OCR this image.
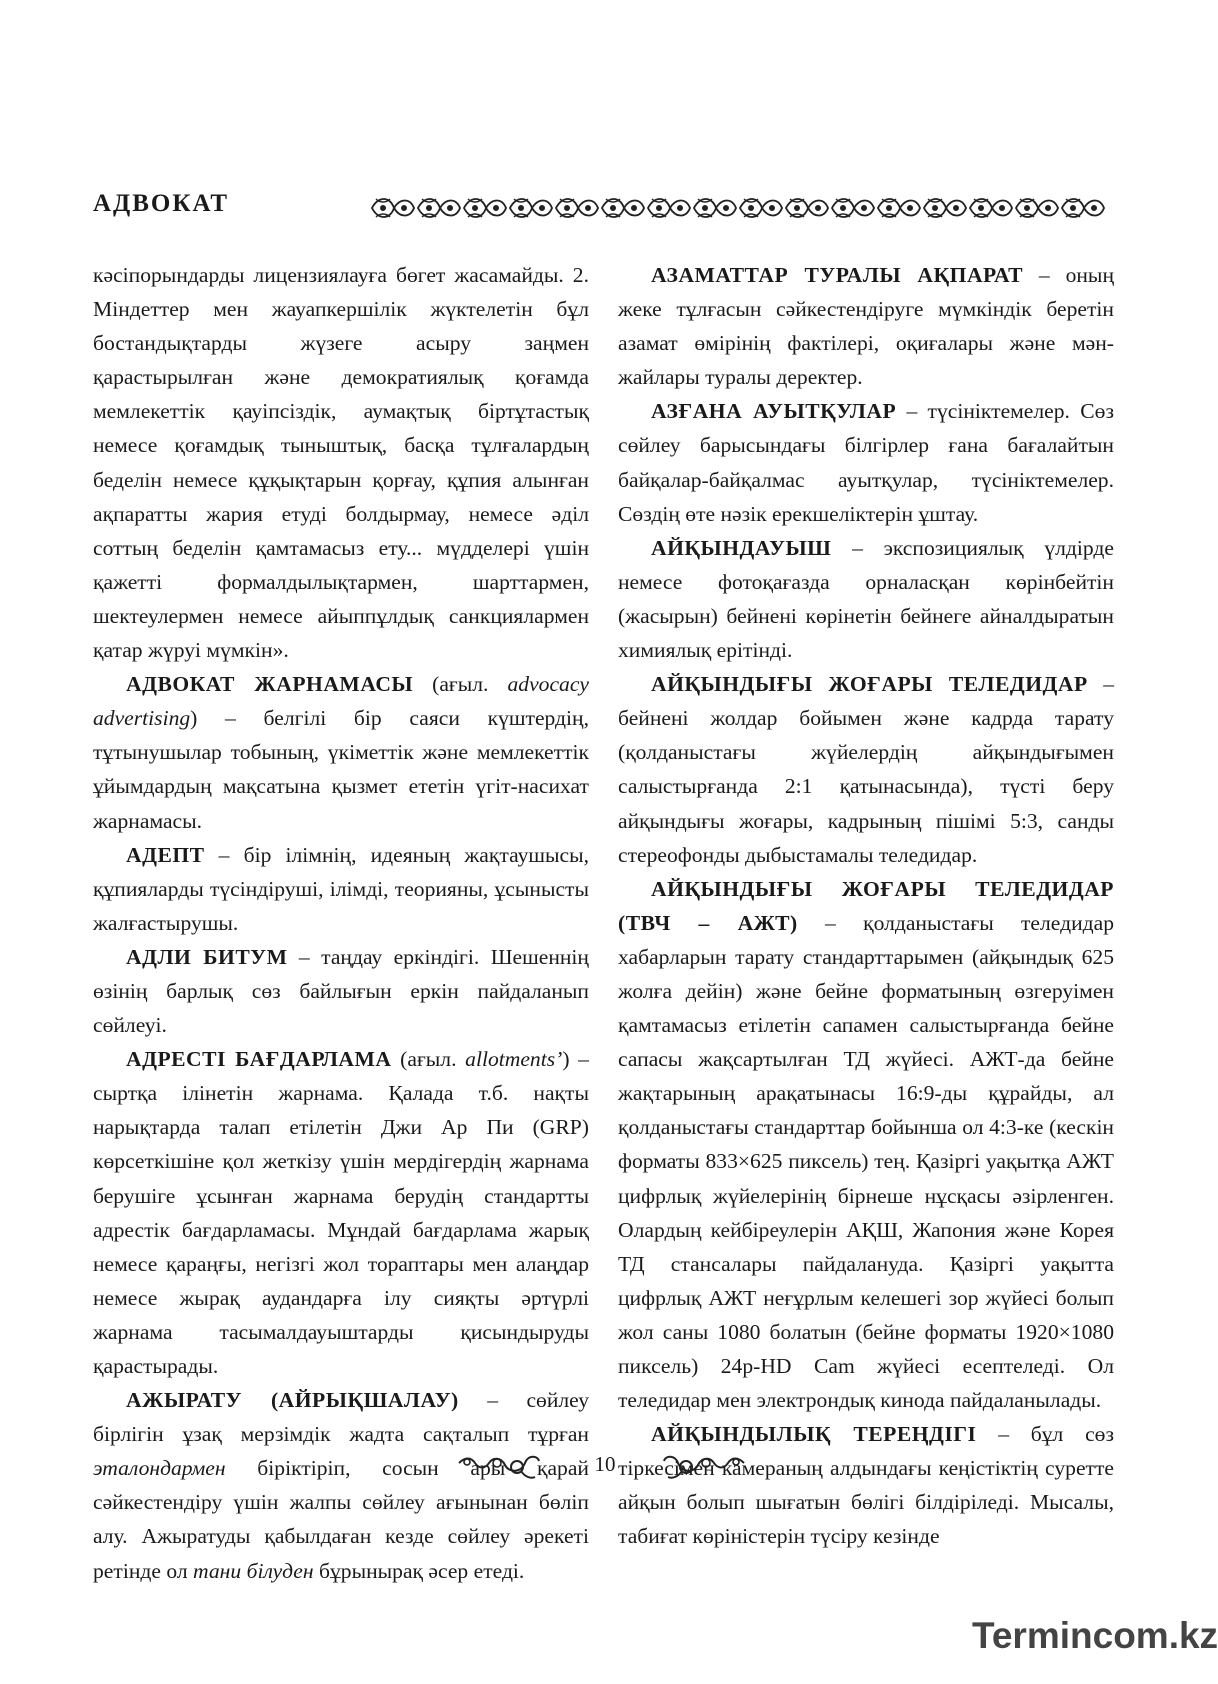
АДВОКАТ

кәсіпорындарды лицензиялауға бөгет жасамайды. 2. Міндеттер мен жауапкершілік жүктелетін бұл бостандықтарды жүзеге асыру заңмен қарастырылған және демократиялық қоғамда мемлекеттік қауіпсіздік, аумақтық біртұтастық немесе қоғамдық тыныштық, басқа тұлғалардың беделін немесе құқықтарын қорғау, құпия алынған ақпаратты жария етуді болдырмау, немесе әділ соттың беделін қамтамасыз ету... мүдделері үшін қажетті формалдылықтармен, шарттармен, шектеулермен немесе айыппұлдық санкциялармен қатар жүруі мүмкін».

АДВОКАТ ЖАРНАМАСЫ (ағыл. advocacy advertising) – белгілі бір саяси күштердің, тұтынушылар тобының, үкіметтік және мемлекеттік ұйымдардың мақсатына қызмет ететін үгіт-насихат жарнамасы.

АДЕПТ – бір ілімнің, идеяның жақтаушысы, құпияларды түсіндіруші, ілімді, теорияны, ұсынысты жалғастырушы.

АДЛИ БИТУМ – таңдау еркіндігі. Шешеннің өзінің барлық сөз байлығын еркін пайдаланып сөйлеуі.

АДРЕСТІ БАҒДАРЛАМА (ағыл. allotments’) – сыртқа ілінетін жарнама. Қалада т.б. нақты нарықтарда талап етілетін Джи Ар Пи (GRP) көрсеткішіне қол жеткізу үшін мердігердің жарнама берушіге ұсынған жарнама берудің стандартты адрестік бағдарламасы. Мұндай бағдарлама жарық немесе қараңғы, негізгі жол тораптары мен алаңдар немесе жырақ аудандарға ілу сияқты әртүрлі жарнама тасымалдауыштарды қисындыруды қарастырады.

АЖЫРАТУ (АЙРЫҚШАЛАУ) – сөйлеу бірлігін ұзақ мерзімдік жадта сақталып тұрған эталондармен біріктіріп, сосын ары қарай сәйкестендіру үшін жалпы сөйлеу ағынынан бөліп алу. Ажыратуды қабылдаған кезде сөйлеу әрекеті ретінде ол тани білуден бұрынырақ әсер етеді.

АЗАМАТТАР ТУРАЛЫ АҚПАРАТ – оның жеке тұлғасын сәйкестендіруге мүмкіндік беретін азамат өмірінің фактілері, оқиғалары және мән-жайлары туралы деректер.

АЗҒАНА АУЫТҚУЛАР – түсініктемелер. Сөз сөйлеу барысындағы білгірлер ғана бағалайтын байқалар-байқалмас ауытқулар, түсініктемелер. Сөздің өте нәзік ерекшеліктерін ұштау.

АЙҚЫНДАУЫШ – экспозициялық үлдірде немесе фотоқағазда орналасқан көрінбейтін (жасырын) бейнені көрінетін бейнеге айналдыратын химиялық ерітінді.

АЙҚЫНДЫҒЫ ЖОҒАРЫ ТЕЛЕДИДАР – бейнені жолдар бойымен және кадрда тарату (қолданыстағы жүйелердің айқындығымен салыстырғанда 2:1 қатынасында), түсті беру айқындығы жоғары, кадрының пішімі 5:3, санды стереофонды дыбыстамалы теледидар.

АЙҚЫНДЫҒЫ ЖОҒАРЫ ТЕЛЕДИДАР (ТВЧ – АЖТ) – қолданыстағы теледидар хабарларын тарату стандарттарымен (айқындық 625 жолға дейін) және бейне форматының өзгеруімен қамтамасыз етілетін сапамен салыстырғанда бейне сапасы жақсартылған ТД жүйесі. АЖТ-да бейне жақтарының арақатынасы 16:9-ды құрайды, ал қолданыстағы стандарттар бойынша ол 4:3-ке (кескін форматы 833×625 пиксель) тең. Қазіргі уақытқа АЖТ цифрлық жүйелерінің бірнеше нұсқасы әзірленген. Олардың кейбіреулерін АҚШ, Жапония және Корея ТД стансалары пайдалануда. Қазіргі уақытта цифрлық АЖТ неғұрлым келешегі зор жүйесі болып жол саны 1080 болатын (бейне форматы 1920×1080 пиксель) 24p-HD Cam жүйесі есептеледі. Ол теледидар мен электрондық кинода пайдаланылады.

АЙҚЫНДЫЛЫҚ ТЕРЕҢДІГІ – бұл сөз тіркесімен камераның алдындағы кеңістіктің суретте айқын болып шығатын бөлігі білдіріледі. Мысалы, табиғат көріністерін түсіру кезінде

10
Termincom.kz
